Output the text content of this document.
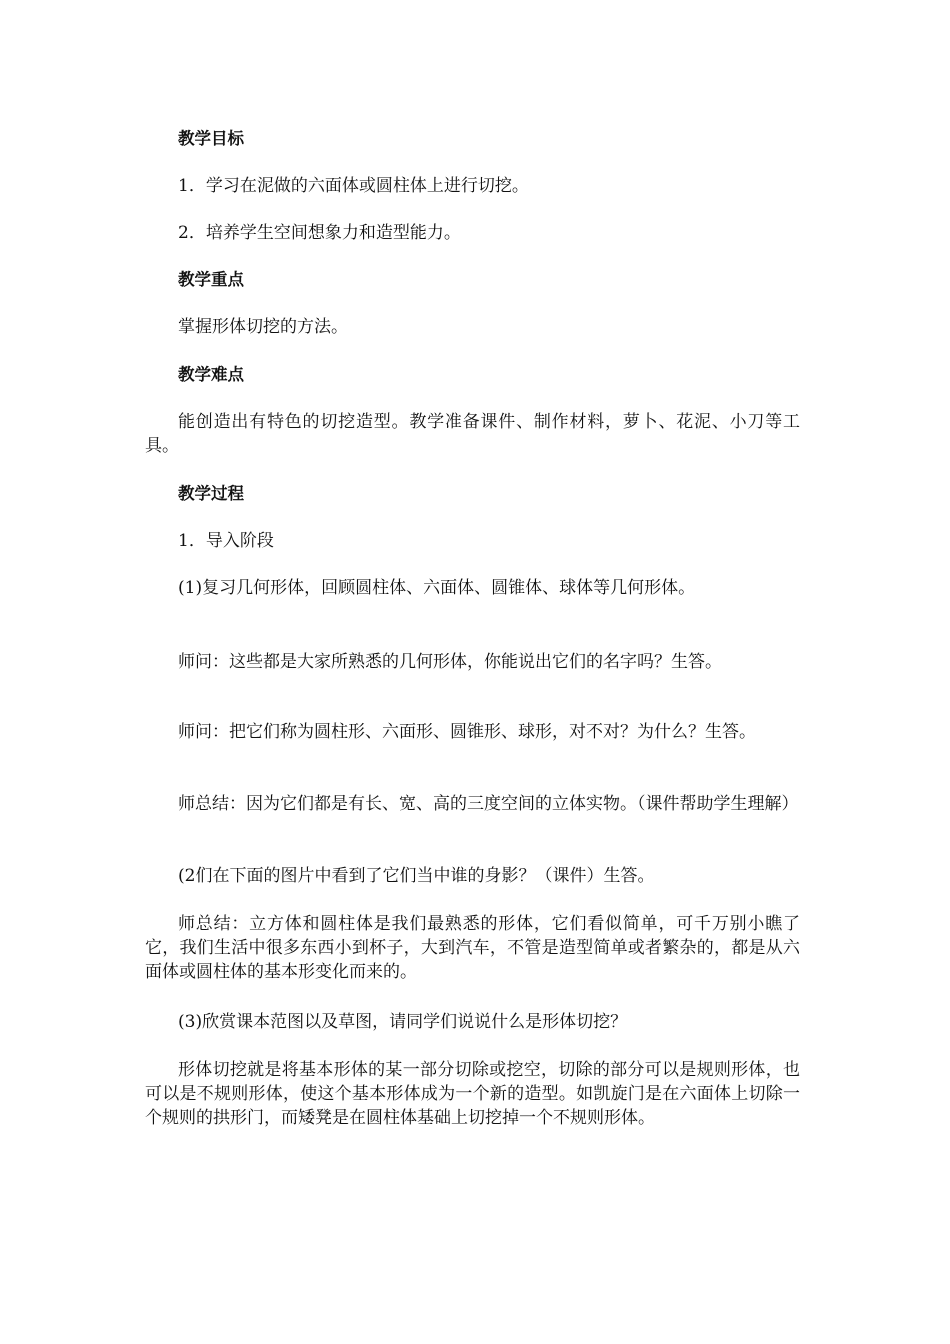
教学目标

1．学习在泥做的六面体或圆柱体上进行切挖。

2．培养学生空间想象力和造型能力。

教学重点

掌握形体切挖的方法。

教学难点

能创造出有特色的切挖造型。教学准备课件、制作材料，萝卜、花泥、小刀等工具。

教学过程

1．导入阶段

(1)复习几何形体，回顾圆柱体、六面体、圆锥体、球体等几何形体。

师问：这些都是大家所熟悉的几何形体，你能说出它们的名字吗？生答。

师问：把它们称为圆柱形、六面形、圆锥形、球形，对不对？为什么？生答。

师总结：因为它们都是有长、宽、高的三度空间的立体实物。（课件帮助学生理解）

(2们在下面的图片中看到了它们当中谁的身影？（课件）生答。

师总结：立方体和圆柱体是我们最熟悉的形体，它们看似简单，可千万别小瞧了它，我们生活中很多东西小到杯子，大到汽车，不管是造型简单或者繁杂的，都是从六面体或圆柱体的基本形变化而来的。

(3)欣赏课本范图以及草图，请同学们说说什么是形体切挖？

形体切挖就是将基本形体的某一部分切除或挖空，切除的部分可以是规则形体，也可以是不规则形体，使这个基本形体成为一个新的造型。如凯旋门是在六面体上切除一个规则的拱形门，而矮凳是在圆柱体基础上切挖掉一个不规则形体。
